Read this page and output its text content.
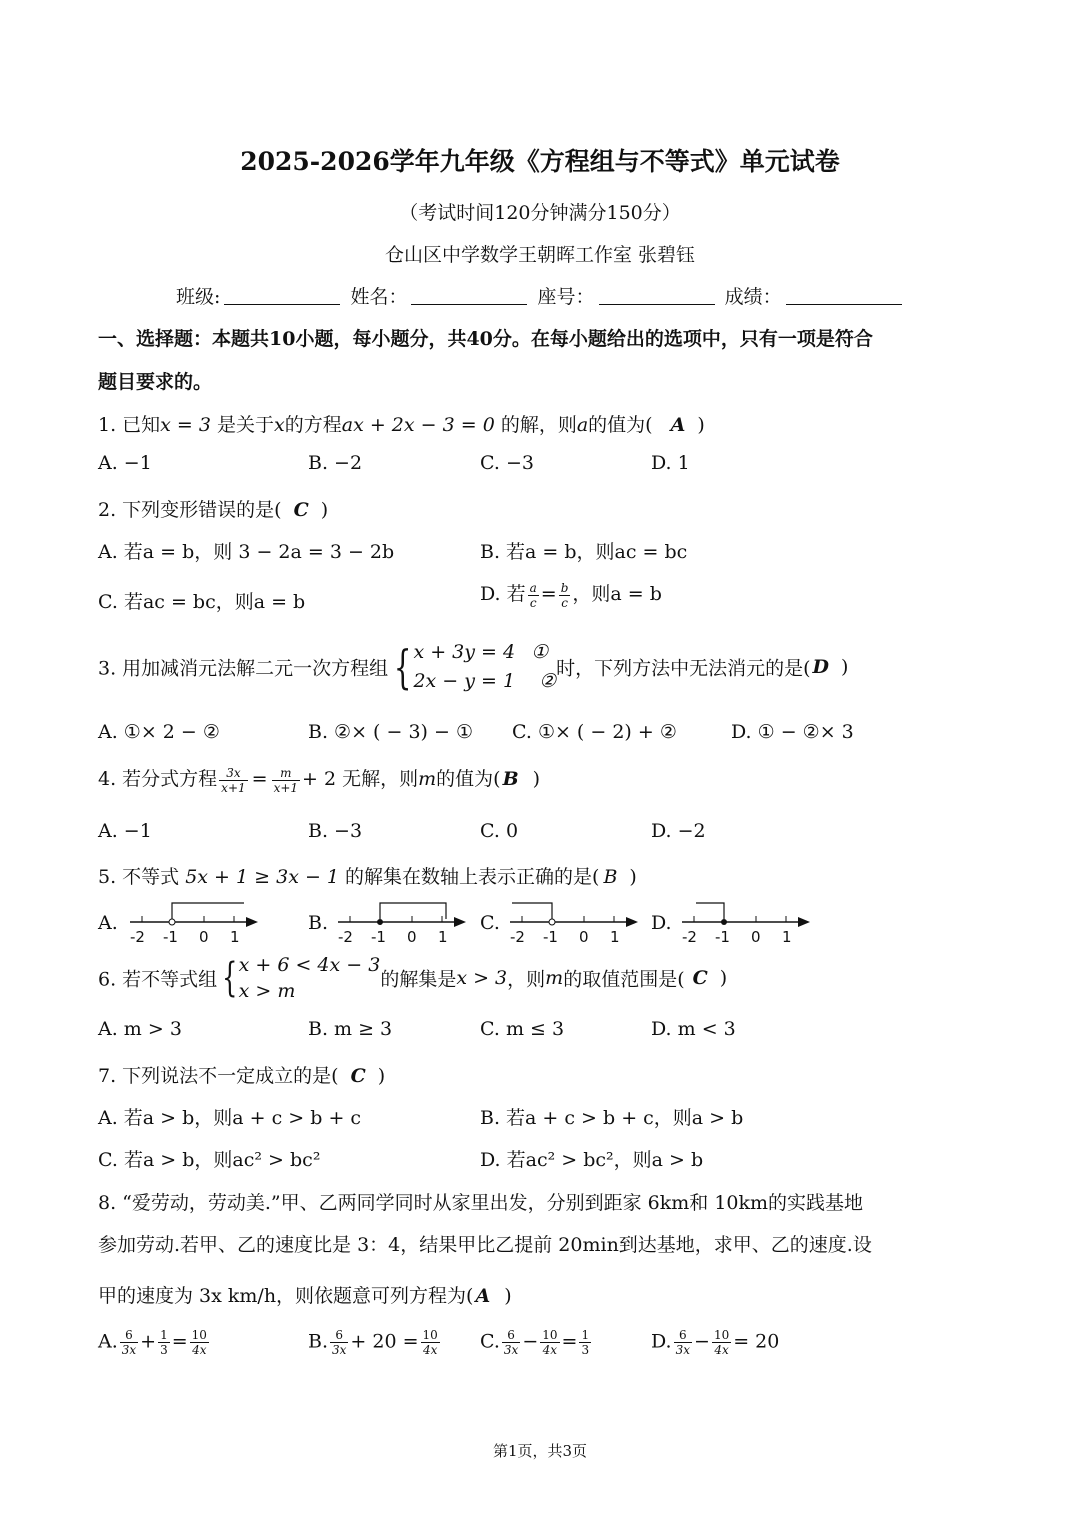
2025-2026学年九年级《方程组与不等式》单元试卷
（考试时间120分钟满分150分）
仓山区中学数学王朝晖工作室 张碧钰
班级:	姓名：	座号：	成绩：
一、选择题：本题共10小题，每小题分，共40分。在每小题给出的选项中，只有一项是符合
题目要求的。
1. 已知x = 3 是关于x的方程ax + 2x − 3 = 0 的解，则a的值为( A )
A. −1	B. −2	C. −3	D. 1
2. 下列变形错误的是( C )
A. 若a = b，则 3 − 2a = 3 − 2b	B. 若a = b，则ac = bc
C. 若ac = bc，则a = b	D. 若 $\frac{a}{c} = \frac{b}{c}$ ，则a = b
3. 用加减消元法解二元一次方程组 {x + 3y = 4 ①
2x − y = 1 ②时，下列方法中无法消元的是( D )
A. ①× 2 − ②	B. ②× ( − 3) − ① C. ①× ( − 2) + ②	D. ① − ②× 3
4. 若分式方程 $\frac{3x}{x+1} = \frac{m}{x+1} + 2$ 无解，则m的值为( B )
A. −1	B. −3	C. 0	D. −2
5. 不等式 5x + 1 ≥ 3x − 1 的解集在数轴上表示正确的是( B )
A.	B.	C.	D.
-2 -1 0 1	-2 -1 0 1	-2 -1 0 1	-2 -1 0 1
6. 若不等式组 {x + 6 < 4x − 3
x > m的解集是x > 3，则m的取值范围是( C )
A. m > 3	B. m ≥ 3	C. m ≤ 3	D. m < 3
7. 下列说法不一定成立的是( C )
A. 若a > b，则a + c > b + c	B. 若a + c > b + c，则a > b
C. 若a > b，则ac² > bc²	D. 若ac² > bc²，则a > b
8. “爱劳动，劳动美.”甲、乙两同学同时从家里出发，分别到距家 6km和 10km的实践基地
参加劳动.若甲、乙的速度比是 3：4，结果甲比乙提前 20min到达基地，求甲、乙的速度.设
甲的速度为 3x km/h，则依题意可列方程为( A )
A. $\frac{6}{3x} + \frac{1}{3} = \frac{10}{4x}$	B. $\frac{6}{3x} + 20 = \frac{10}{4x} C$. $\frac{6}{3x} - \frac{10}{4x} = \frac{1}{3}$	D. $\frac{6}{3x} - \frac{10}{4x} = 20$
第1页，共3页
